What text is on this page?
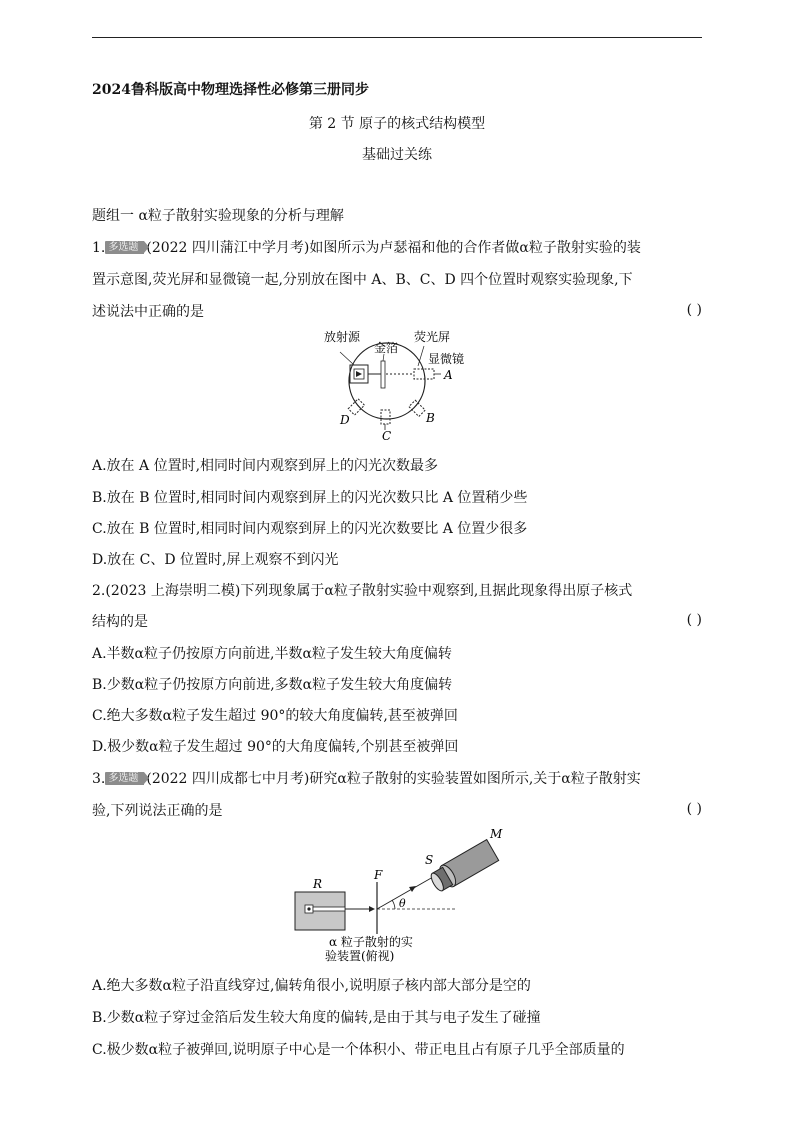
2024鲁科版高中物理选择性必修第三册同步
第 2 节 原子的核式结构模型
基础过关练
题组一 α粒子散射实验现象的分析与理解
1. 多选题 (2022 四川蒲江中学月考)如图所示为卢瑟福和他的合作者做α粒子散射实验的装
置示意图,荧光屏和显微镜一起,分别放在图中 A、B、C、D 四个位置时观察实验现象,下
述说法中正确的是	( )
放射源
金箔
荧光屏
显微镜
A
B
C
D
A.放在 A 位置时,相同时间内观察到屏上的闪光次数最多
B.放在 B 位置时,相同时间内观察到屏上的闪光次数只比 A 位置稍少些
C.放在 B 位置时,相同时间内观察到屏上的闪光次数要比 A 位置少很多
D.放在 C、D 位置时,屏上观察不到闪光
2.(2023 上海崇明二模)下列现象属于α粒子散射实验中观察到,且据此现象得出原子核式
结构的是	( )
A.半数α粒子仍按原方向前进,半数α粒子发生较大角度偏转
B.少数α粒子仍按原方向前进,多数α粒子发生较大角度偏转
C.绝大多数α粒子发生超过 90°的较大角度偏转,甚至被弹回
D.极少数α粒子发生超过 90°的大角度偏转,个别甚至被弹回
3. 多选题 (2022 四川成都七中月考)研究α粒子散射的实验装置如图所示,关于α粒子散射实
验,下列说法正确的是	( )
R
F
θ
S
M
α 粒子散射的实
验装置(俯视)
A.绝大多数α粒子沿直线穿过,偏转角很小,说明原子核内部大部分是空的
B.少数α粒子穿过金箔后发生较大角度的偏转,是由于其与电子发生了碰撞
C.极少数α粒子被弹回,说明原子中心是一个体积小、带正电且占有原子几乎全部质量的
